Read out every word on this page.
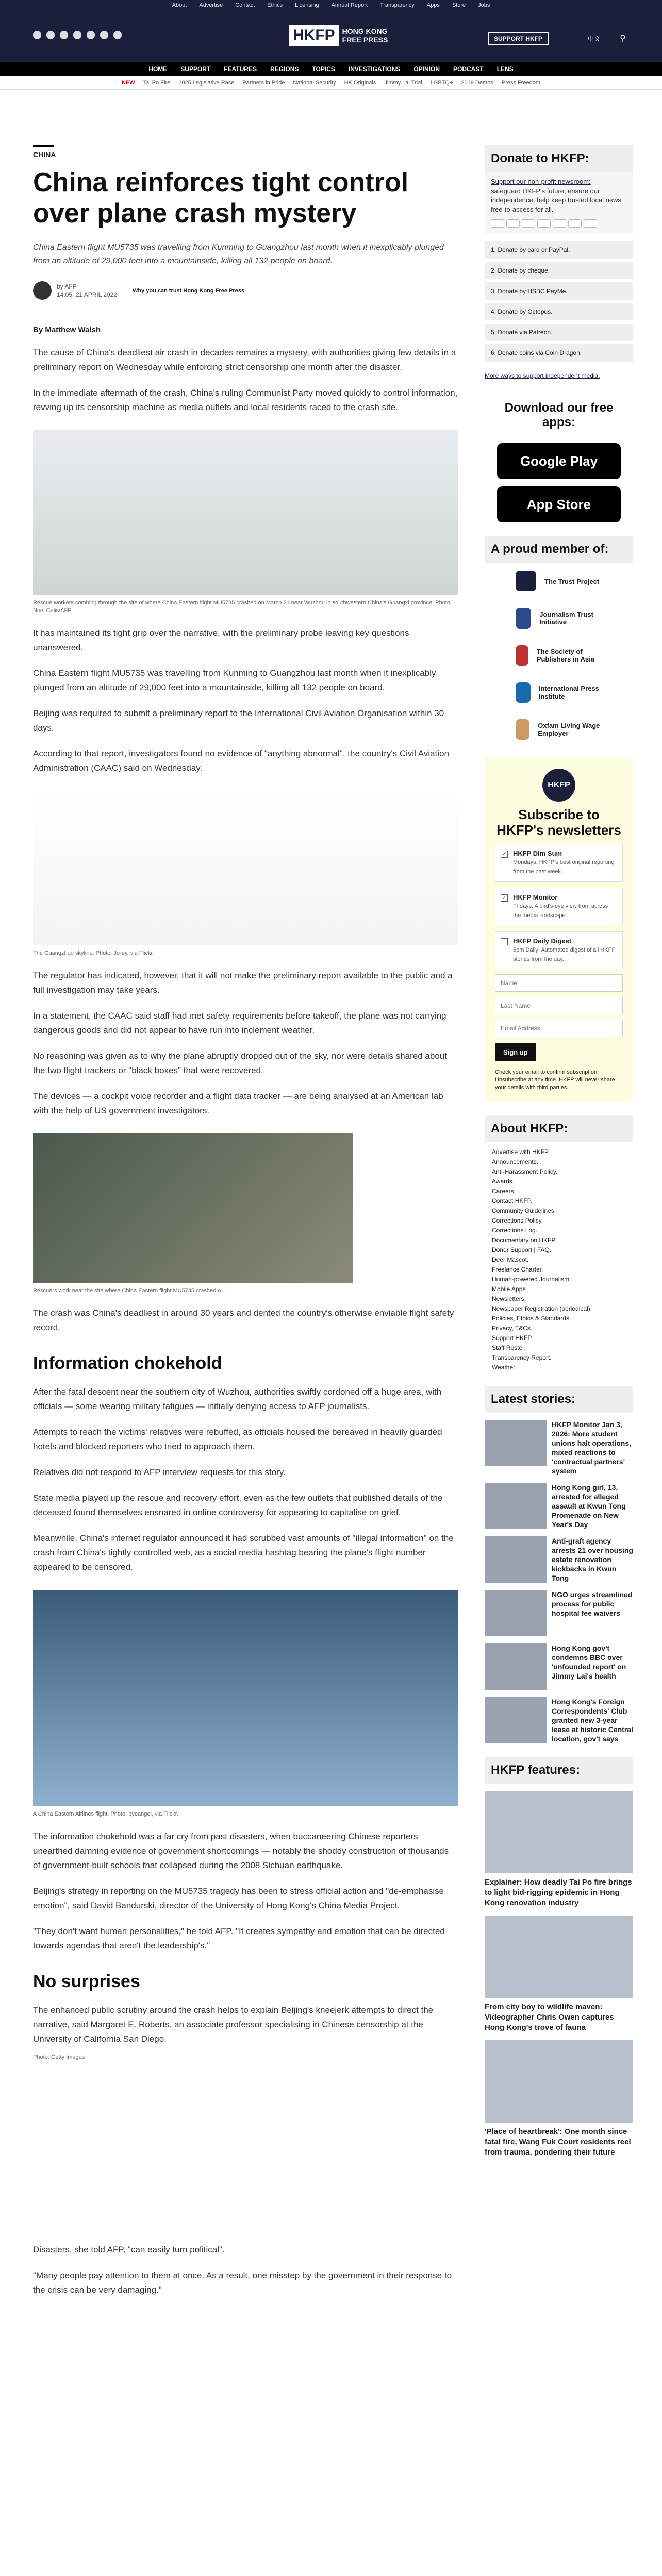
About Advertise Contact Ethics Licensing Annual Report Transparency Apps Store Jobs
HKFP	HONG KONG
FREE PRESS	SUPPORT HKFP	中文 ⚲
HOME SUPPORT FEATURES REGIONS TOPICS INVESTIGATIONS OPINION PODCAST LENS
NEW Tai Po Fire 2025 Legislative Race Partners in Pride National Security HK Originals Jimmy Lai Trial LGBTQ+ 2019 Demos Press Freedom
CHINA
China reinforces tight control over plane crash mystery
China Eastern flight MU5735 was travelling from Kunming to Guangzhou last month when it inexplicably plunged from an altitude of 29,000 feet into a mountainside, killing all 132 people on board.
by AFP
14:05, 21 APRIL 2022
Why you can trust Hong Kong Free Press
By Matthew Walsh

The cause of China's deadliest air crash in decades remains a mystery, with authorities giving few details in a preliminary report on Wednesday while enforcing strict censorship one month after the disaster.

In the immediate aftermath of the crash, China's ruling Communist Party moved quickly to control information, revving up its censorship machine as media outlets and local residents raced to the crash site.

Rescue workers combing through the site of where China Eastern flight MU5735 crashed on March 21 near Wuzhou in southwestern China's Guangxi province. Photo: Noel Celis/AFP.

It has maintained its tight grip over the narrative, with the preliminary probe leaving key questions unanswered.

China Eastern flight MU5735 was travelling from Kunming to Guangzhou last month when it inexplicably plunged from an altitude of 29,000 feet into a mountainside, killing all 132 people on board.

Beijing was required to submit a preliminary report to the International Civil Aviation Organisation within 30 days.

According to that report, investigators found no evidence of "anything abnormal", the country's Civil Aviation Administration (CAAC) said on Wednesday.

The Guangzhou skyline. Photo: Jo-ey, via Flickr.

The regulator has indicated, however, that it will not make the preliminary report available to the public and a full investigation may take years.

In a statement, the CAAC said staff had met safety requirements before takeoff, the plane was not carrying dangerous goods and did not appear to have run into inclement weather.

No reasoning was given as to why the plane abruptly dropped out of the sky, nor were details shared about the two flight trackers or "black boxes" that were recovered.

The devices — a cockpit voice recorder and a flight data tracker — are being analysed at an American lab with the help of US government investigators.

Rescuers work near the site where China Eastern flight MU5735 crashed o...

The crash was China's deadliest in around 30 years and dented the country's otherwise enviable flight safety record.

Information chokehold

After the fatal descent near the southern city of Wuzhou, authorities swiftly cordoned off a huge area, with officials — some wearing military fatigues — initially denying access to AFP journalists.

Attempts to reach the victims' relatives were rebuffed, as officials housed the bereaved in heavily guarded hotels and blocked reporters who tried to approach them.

Relatives did not respond to AFP interview requests for this story.

State media played up the rescue and recovery effort, even as the few outlets that published details of the deceased found themselves ensnared in online controversy for appearing to capitalise on grief.

Meanwhile, China's internet regulator announced it had scrubbed vast amounts of "illegal information" on the crash from China's tightly controlled web, as a social media hashtag bearing the plane's flight number appeared to be censored.

A China Eastern Airlines flight. Photo: byeangel, via Flickr.

The information chokehold was a far cry from past disasters, when buccaneering Chinese reporters unearthed damning evidence of government shortcomings — notably the shoddy construction of thousands of government-built schools that collapsed during the 2008 Sichuan earthquake.

Beijing's strategy in reporting on the MU5735 tragedy has been to stress official action and "de-emphasise emotion", said David Bandurski, director of the University of Hong Kong's China Media Project.

"They don't want human personalities," he told AFP. "It creates sympathy and emotion that can be directed towards agendas that aren't the leadership's."

No surprises

The enhanced public scrutiny around the crash helps to explain Beijing's kneejerk attempts to direct the narrative, said Margaret E. Roberts, an associate professor specialising in Chinese censorship at the University of California San Diego.

Photo: Getty Images

Disasters, she told AFP, "can easily turn political".

"Many people pay attention to them at once. As a result, one misstep by the government in their response to the crisis can be very damaging."

Donate to HKFP:

Support our non-profit newsroom:

safeguard HKFP's future, ensure our independence, help keep trusted local news free-to-access for all.

1. Donate by card or PayPal.
2. Donate by cheque.
3. Donate by HSBC PayMe.
4. Donate by Octopus.
5. Donate via Patreon.
6. Donate coins via Coin Dragon.
More ways to support independent media.
Download our free apps:
Google Play
App Store
A proud member of:
The Trust Project
Journalism Trust Initiative
The Society of Publishers in Asia
International Press Institute
Oxfam Living Wage Employer
HKFP
Subscribe to HKFP's newsletters
✓ HKFP Dim Sum
Mondays: HKFP's best original reporting from the past week.
✓ HKFP Monitor
Fridays: A bird's-eye view from across the media landscape.
HKFP Daily Digest
5pm Daily: Automated digest of all HKFP stories from the day.
Name Last Name Email Address
Sign up
Check your email to confirm subscription. Unsubscribe at any time. HKFP will never share your details with third parties.
About HKFP:
Advertise with HKFP.
Announcements.
Anti-Harassment Policy.
Awards.
Careers.
Contact HKFP.
Community Guidelines.
Corrections Policy.
Corrections Log.
Documentary on HKFP.
Donor Support | FAQ.
Deer Mascot.
Freelance Charter.
Human-powered Journalism.
Mobile Apps.
Newsletters.
Newspaper Registration (periodical).
Policies, Ethics & Standards.
Privacy, T&Cs.
Support HKFP.
Staff Roster.
Transparency Report.
Weather.
Latest stories:
HKFP Monitor Jan 3, 2026: More student unions halt operations, mixed reactions to 'contractual partners' system
Hong Kong girl, 13, arrested for alleged assault at Kwun Tong Promenade on New Year's Day
Anti-graft agency arrests 21 over housing estate renovation kickbacks in Kwun Tong
NGO urges streamlined process for public hospital fee waivers
Hong Kong gov't condemns BBC over 'unfounded report' on Jimmy Lai's health
Hong Kong's Foreign Correspondents' Club granted new 3-year lease at historic Central location, gov't says
HKFP features:
Explainer: How deadly Tai Po fire brings to light bid-rigging epidemic in Hong Kong renovation industry
From city boy to wildlife maven: Videographer Chris Owen captures Hong Kong's trove of fauna
'Place of heartbreak': One month since fatal fire, Wang Fuk Court residents reel from trauma, pondering their future
